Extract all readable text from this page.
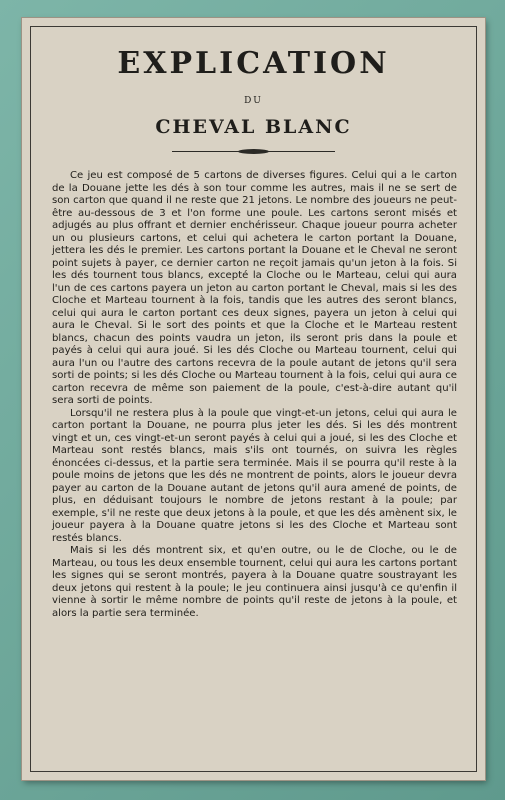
EXPLICATION
DU
CHEVAL BLANC

Ce jeu est composé de 5 cartons de diverses figures. Celui qui a le carton de la Douane jette les dés à son tour comme les autres, mais il ne se sert de son carton que quand il ne reste que 21 jetons. Le nombre des joueurs ne peut-être au-dessous de 3 et l'on forme une poule. Les cartons seront misés et adjugés au plus offrant et dernier enchérisseur. Chaque joueur pourra acheter un ou plusieurs cartons, et celui qui achetera le carton portant la Douane, jettera les dés le premier. Les cartons portant la Douane et le Cheval ne seront point sujets à payer, ce dernier carton ne reçoit jamais qu'un jeton à la fois. Si les dés tournent tous blancs, excepté la Cloche ou le Marteau, celui qui aura l'un de ces cartons payera un jeton au carton portant le Cheval, mais si les des Cloche et Marteau tournent à la fois, tandis que les autres des seront blancs, celui qui aura le carton portant ces deux signes, payera un jeton à celui qui aura le Cheval. Si le sort des points et que la Cloche et le Marteau restent blancs, chacun des points vaudra un jeton, ils seront pris dans la poule et payés à celui qui aura joué. Si les dés Cloche ou Marteau tournent, celui qui aura l'un ou l'autre des cartons recevra de la poule autant de jetons qu'il sera sorti de points; si les dés Cloche ou Marteau tournent à la fois, celui qui aura ce carton recevra de même son paiement de la poule, c'est-à-dire autant qu'il sera sorti de points.

Lorsqu'il ne restera plus à la poule que vingt-et-un jetons, celui qui aura le carton portant la Douane, ne pourra plus jeter les dés. Si les dés montrent vingt et un, ces vingt-et-un seront payés à celui qui a joué, si les des Cloche et Marteau sont restés blancs, mais s'ils ont tournés, on suivra les règles énoncées ci-dessus, et la partie sera terminée. Mais il se pourra qu'il reste à la poule moins de jetons que les dés ne montrent de points, alors le joueur devra payer au carton de la Douane autant de jetons qu'il aura amené de points, de plus, en déduisant toujours le nombre de jetons restant à la poule; par exemple, s'il ne reste que deux jetons à la poule, et que les dés amènent six, le joueur payera à la Douane quatre jetons si les des Cloche et Marteau sont restés blancs.

Mais si les dés montrent six, et qu'en outre, ou le de Cloche, ou le de Marteau, ou tous les deux ensemble tournent, celui qui aura les cartons portant les signes qui se seront montrés, payera à la Douane quatre soustrayant les deux jetons qui restent à la poule; le jeu continuera ainsi jusqu'à ce qu'enfin il vienne à sortir le même nombre de points qu'il reste de jetons à la poule, et alors la partie sera terminée.
